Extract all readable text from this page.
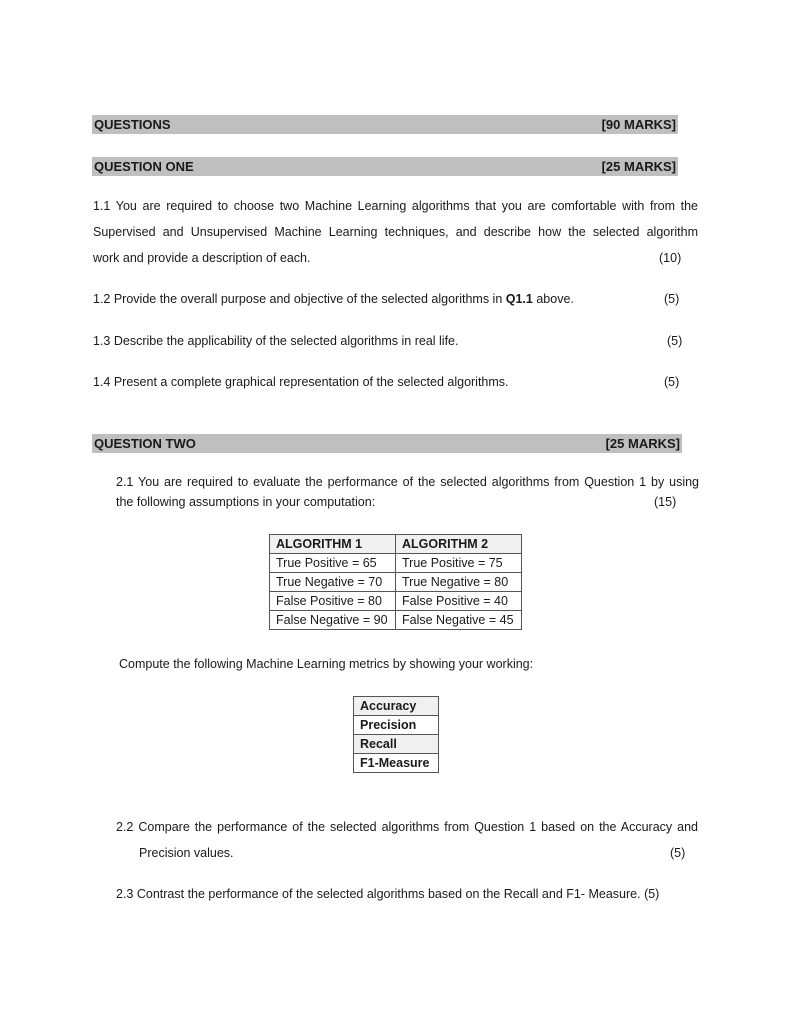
QUESTIONS	[90 MARKS]
QUESTION ONE	[25 MARKS]
1.1 You are required to choose two Machine Learning algorithms that you are comfortable with from the
Supervised and Unsupervised Machine Learning techniques, and describe how the selected algorithm
work and provide a description of each.	(10)
1.2 Provide the overall purpose and objective of the selected algorithms in Q1.1 above.	(5)
1.3 Describe the applicability of the selected algorithms in real life.	(5)
1.4 Present a complete graphical representation of the selected algorithms.	(5)
QUESTION TWO	[25 MARKS]
2.1 You are required to evaluate the performance of the selected algorithms from Question 1 by using
the following assumptions in your computation:	(15)
ALGORITHM 1	ALGORITHM 2
True Positive = 65	True Positive = 75
True Negative = 70	True Negative = 80
False Positive = 80	False Positive = 40
False Negative = 90	False Negative = 45
Compute the following Machine Learning metrics by showing your working:
Accuracy
Precision
Recall
F1-Measure
2.2 Compare the performance of the selected algorithms from Question 1 based on the Accuracy and
Precision values.	(5)
2.3 Contrast the performance of the selected algorithms based on the Recall and F1- Measure. (5)
